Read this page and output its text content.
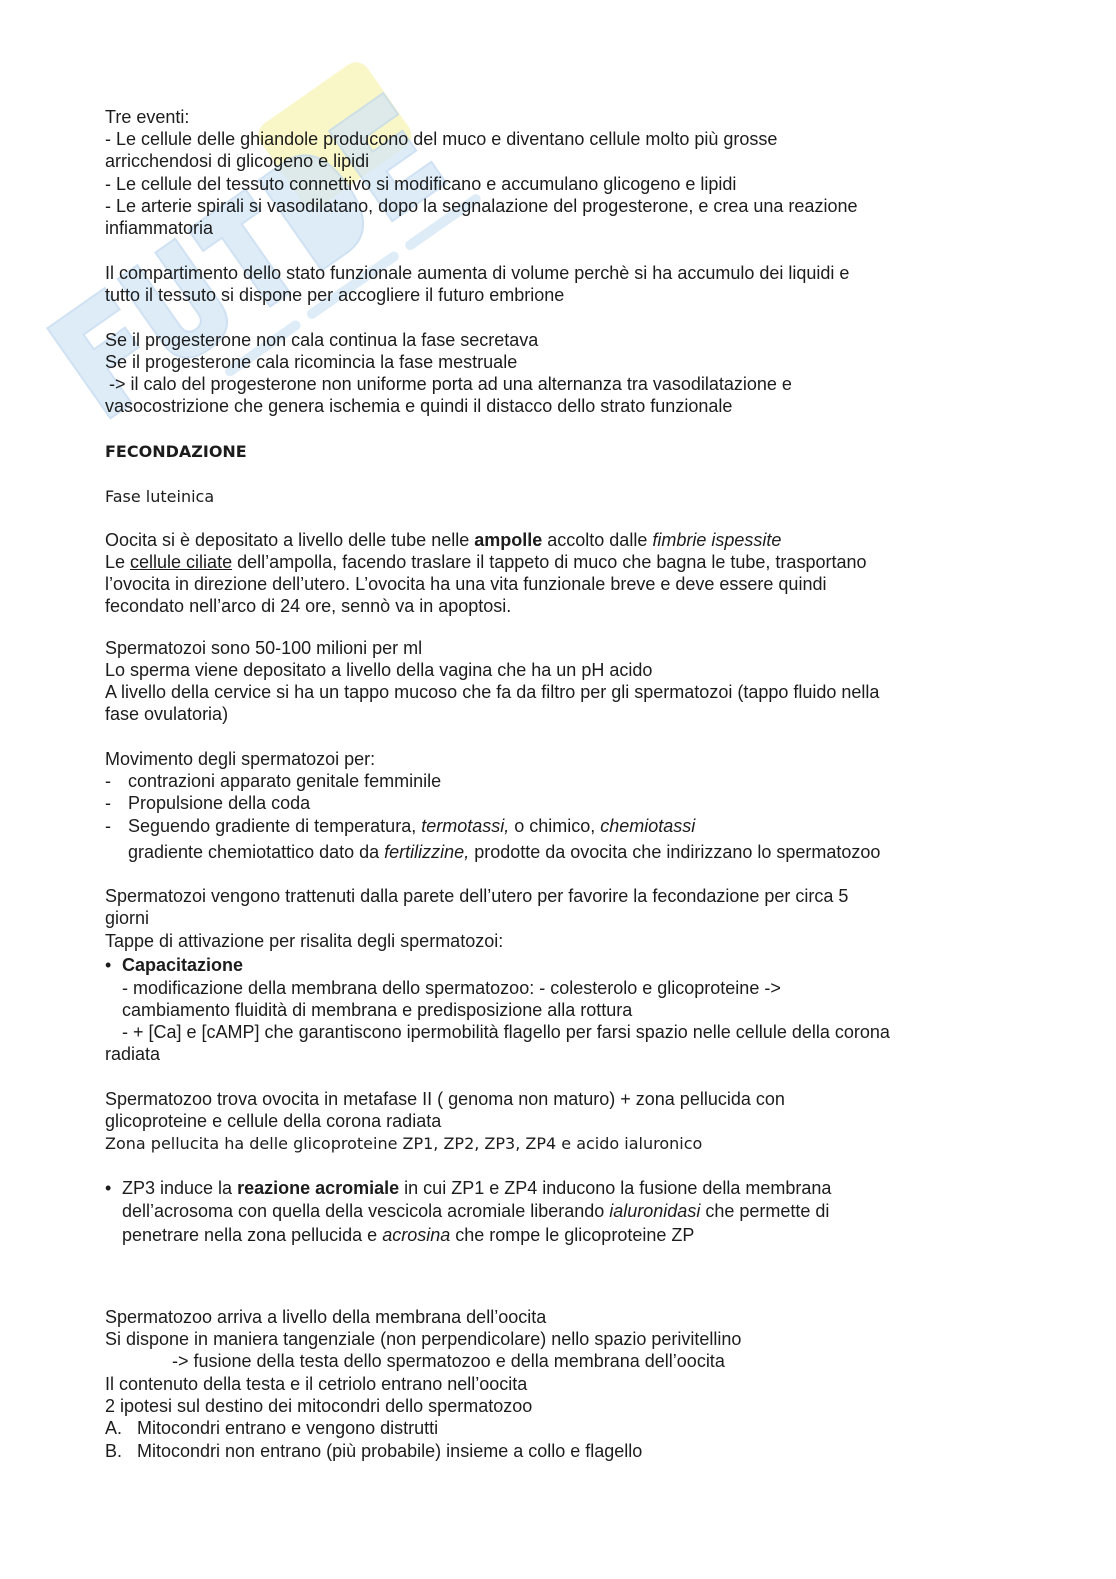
Tre eventi:
- Le cellule delle ghiandole producono del muco e diventano cellule molto più grosse
arricchendosi di glicogeno e lipidi
- Le cellule del tessuto connettivo si modificano e accumulano glicogeno e lipidi
- Le arterie spirali si vasodilatano, dopo la segnalazione del progesterone, e crea una reazione
infiammatoria
Il compartimento dello stato funzionale aumenta di volume perchè si ha accumulo dei liquidi e
tutto il tessuto si dispone per accogliere il futuro embrione
Se il progesterone non cala continua la fase secretava
Se il progesterone cala ricomincia la fase mestruale
-> il calo del progesterone non uniforme porta ad una alternanza tra vasodilatazione e
vasocostrizione che genera ischemia e quindi il distacco dello strato funzionale
FECONDAZIONE
Fase luteinica
Oocita si è depositato a livello delle tube nelle ampolle accolto dalle fimbrie ispessite
Le cellule ciliate dell’ampolla, facendo traslare il tappeto di muco che bagna le tube, trasportano
l’ovocita in direzione dell’utero. L’ovocita ha una vita funzionale breve e deve essere quindi
fecondato nell’arco di 24 ore, sennò va in apoptosi.
Spermatozoi sono 50-100 milioni per ml
Lo sperma viene depositato a livello della vagina che ha un pH acido
A livello della cervice si ha un tappo mucoso che fa da filtro per gli spermatozoi (tappo fluido nella
fase ovulatoria)
Movimento degli spermatozoi per:
- contrazioni apparato genitale femminile
- Propulsione della coda
- Seguendo gradiente di temperatura, termotassi, o chimico, chemiotassi
gradiente chemiotattico dato da fertilizzine, prodotte da ovocita che indirizzano lo spermatozoo
Spermatozoi vengono trattenuti dalla parete dell’utero per favorire la fecondazione per circa 5
giorni
Tappe di attivazione per risalita degli spermatozoi:
• Capacitazione
- modificazione della membrana dello spermatozoo: - colesterolo e glicoproteine ->
cambiamento fluidità di membrana e predisposizione alla rottura
- + [Ca] e [cAMP] che garantiscono ipermobilità flagello per farsi spazio nelle cellule della corona
radiata
Spermatozoo trova ovocita in metafase II ( genoma non maturo) + zona pellucida con
glicoproteine e cellule della corona radiata
Zona pellucita ha delle glicoproteine ZP1, ZP2, ZP3, ZP4 e acido ialuronico
• ZP3 induce la reazione acromiale in cui ZP1 e ZP4 inducono la fusione della membrana
dell’acrosoma con quella della vescicola acromiale liberando ialuronidasi che permette di
penetrare nella zona pellucida e acrosina che rompe le glicoproteine ZP
Spermatozoo arriva a livello della membrana dell’oocita
Si dispone in maniera tangenziale (non perpendicolare) nello spazio perivitellino
-> fusione della testa dello spermatozoo e della membrana dell’oocita
Il contenuto della testa e il cetriolo entrano nell’oocita
2 ipotesi sul destino dei mitocondri dello spermatozoo
A. Mitocondri entrano e vengono distrutti
B. Mitocondri non entrano (più probabile) insieme a collo e flagello
